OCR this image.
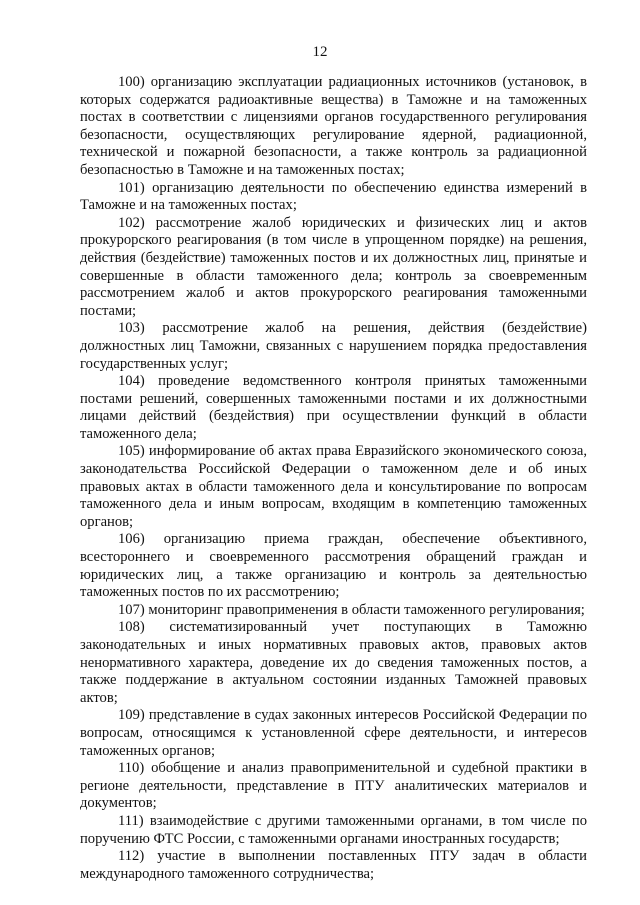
12

100) организацию эксплуатации радиационных источников (установок, в которых содержатся радиоактивные вещества) в Таможне и на таможенных постах в соответствии с лицензиями органов государственного регулирования безопасности, осуществляющих регулирование ядерной, радиационной, технической и пожарной безопасности, а также контроль за радиационной безопасностью в Таможне и на таможенных постах;

101) организацию деятельности по обеспечению единства измерений в Таможне и на таможенных постах;

102) рассмотрение жалоб юридических и физических лиц и актов прокурорского реагирования (в том числе в упрощенном порядке) на решения, действия (бездействие) таможенных постов и их должностных лиц, принятые и совершенные в области таможенного дела; контроль за своевременным рассмотрением жалоб и актов прокурорского реагирования таможенными постами;

103) рассмотрение жалоб на решения, действия (бездействие) должностных лиц Таможни, связанных с нарушением порядка предоставления государственных услуг;

104) проведение ведомственного контроля принятых таможенными постами решений, совершенных таможенными постами и их должностными лицами действий (бездействия) при осуществлении функций в области таможенного дела;

105) информирование об актах права Евразийского экономического союза, законодательства Российской Федерации о таможенном деле и об иных правовых актах в области таможенного дела и консультирование по вопросам таможенного дела и иным вопросам, входящим в компетенцию таможенных органов;

106) организацию приема граждан, обеспечение объективного, всестороннего и своевременного рассмотрения обращений граждан и юридических лиц, а также организацию и контроль за деятельностью таможенных постов по их рассмотрению;

107) мониторинг правоприменения в области таможенного регулирования;

108) систематизированный учет поступающих в Таможню законодательных и иных нормативных правовых актов, правовых актов ненормативного характера, доведение их до сведения таможенных постов, а также поддержание в актуальном состоянии изданных Таможней правовых актов;

109) представление в судах законных интересов Российской Федерации по вопросам, относящимся к установленной сфере деятельности, и интересов таможенных органов;

110) обобщение и анализ правоприменительной и судебной практики в регионе деятельности, представление в ПТУ аналитических материалов и документов;

111) взаимодействие с другими таможенными органами, в том числе по поручению ФТС России, с таможенными органами иностранных государств;

112) участие в выполнении поставленных ПТУ задач в области международного таможенного сотрудничества;
